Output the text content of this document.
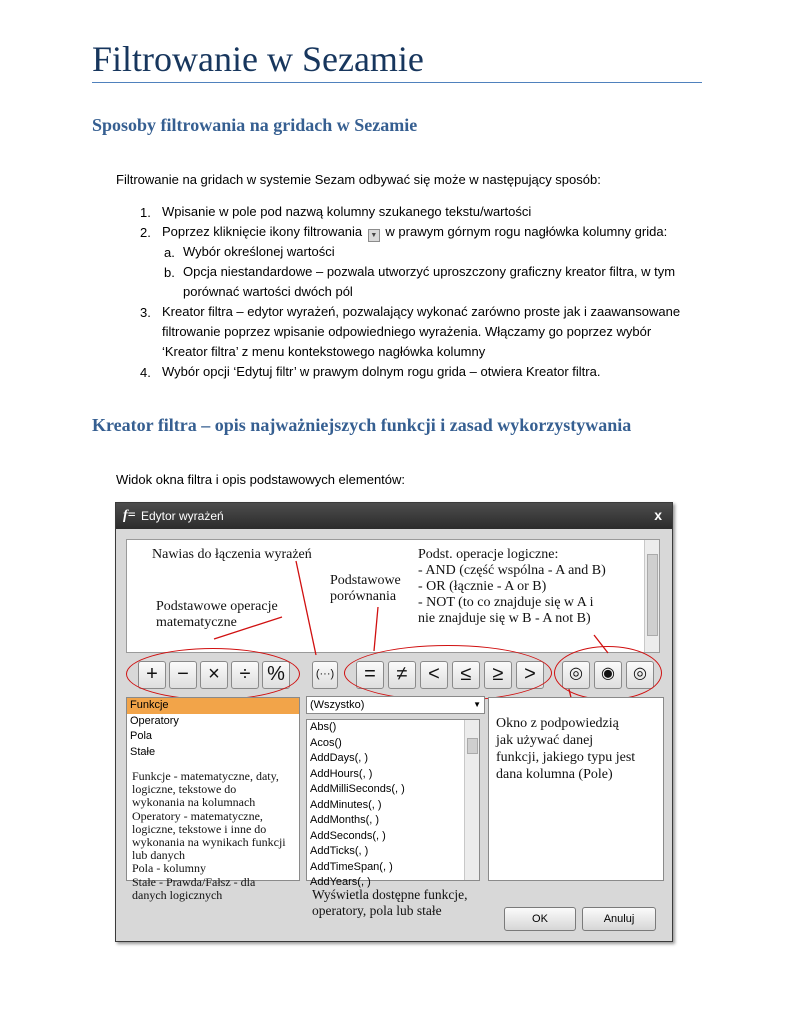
Filtrowanie w Sezamie
Sposoby filtrowania na gridach w Sezamie

Filtrowanie na gridach w systemie Sezam odbywać się może w następujący sposób:

1. Wpisanie w pole pod nazwą kolumny szukanego tekstu/wartości

2. Poprzez kliknięcie ikony filtrowania ▼ w prawym górnym rogu nagłówka kolumny grida:

a. Wybór określonej wartości

b. Opcja niestandardowe – pozwala utworzyć uproszczony graficzny kreator filtra, w tym

porównać wartości dwóch pól

3. Kreator filtra – edytor wyrażeń, pozwalający wykonać zarówno proste jak i zaawansowane

filtrowanie poprzez wpisanie odpowiedniego wyrażenia. Włączamy go poprzez wybór

‘Kreator filtra’ z menu kontekstowego nagłówka kolumny

4. Wybór opcji ‘Edytuj filtr’ w prawym dolnym rogu grida – otwiera Kreator filtra.

Kreator filtra – opis najważniejszych funkcji i zasad wykorzystywania

Widok okna filtra i opis podstawowych elementów:

f= Edytor wyrażeń	x
Nawias do łączenia wyrażeń	Podst. operacje logiczne:
- AND (część wspólna - A and B)
- OR (łącznie - A or B)
- NOT (to co znajduje się w A i
nie znajduje się w B - A not B)
Podstawowe
porównania
Podstawowe operacje
matematyczne
+ − × ÷ %	(···)	=	≠	<	≤	≥	>	◎	◉	◎
Funkcje
Operatory
Pola
Stałe
Funkcje - matematyczne, daty,
logiczne, tekstowe do
wykonania na kolumnach
Operatory - matematyczne,
logiczne, tekstowe i inne do
wykonania na wynikach funkcji
lub danych
Pola - kolumny
Stałe - Prawda/Fałsz - dla
danych logicznych
(Wszystko)	▼
Abs()
Acos()
AddDays(, )
AddHours(, )
AddMilliSeconds(, )
AddMinutes(, )
AddMonths(, )
AddSeconds(, )
AddTicks(, )
AddTimeSpan(, )
AddYears(, )
Wyświetla dostępne funkcje,
operatory, pola lub stałe
Okno z podpowiedzią
jak używać danej
funkcji, jakiego typu jest
dana kolumna (Pole)
OK	Anuluj
